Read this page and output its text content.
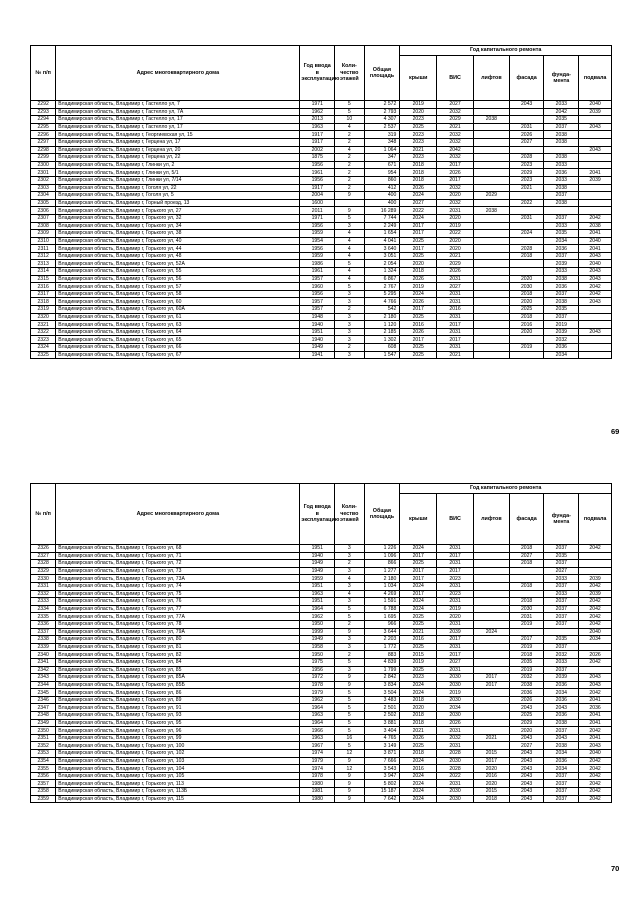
№ п/п	Адрес многоквартирного дома	Год ввода в эксплуатацию	Коли-чество этажей	Общая площадь	Год капитального ремонта					
					крыши	ВИС	лифтов	фасада	фунда-мента	подвала
2292	Владимирская область, Владимир г, Гастелло ул, 7	1971	5	2 572	2019	2027		2043	2033	2040
2293	Владимирская область, Владимир г, Гастелло ул, 7А	1962	5	2 793	2020	2032			2042	2039
2294	Владимирская область, Владимир г, Гастелло ул, 17	2013	10	4 307	2023	2029	2038		2035	
2295	Владимирская область, Владимир г, Гастелло ул, 17	1963	4	2 537	2025	2021		2031	2037	2043
2296	Владимирская область, Владимир г, Георгиевская ул, 15	1917	2	319	2023	2032		2026	2038	
2297	Владимирская область, Владимир г, Герцена ул, 17	1917	2	348	2023	2032		2027	2038	
2298	Владимирская область, Владимир г, Герцена ул, 20	2002	4	1 064	2021	2042				2043
2299	Владимирская область, Владимир г, Герцена ул, 22	1875	2	347	2023	2032		2028	2038	
2300	Владимирская область, Владимир г, Глинки ул, 2	1956	2	671	2018	2017		2023	2033	
2301	Владимирская область, Владимир г, Глинки ул, 5/1	1961	2	954	2018	2026		2029	2036	2041
2302	Владимирская область, Владимир г, Глинки ул, 7/14	1956	2	860	2018	2017		2023	2033	2039
2303	Владимирская область, Владимир г, Гоголя ул, 22	1917	2	412	2026	2032		2021	2038	
2304	Владимирская область, Владимир г, Гоголя ул, 5	2004	9	400	2024	2020	2029		2037	
2305	Владимирская область, Владимир г, Горный проезд, 13	1600		400	2027	2032		2022	2038	
2306	Владимирская область, Владимир г, Горького ул, 27	2011	9	16 289	2022	2031	2038			
2307	Владимирская область, Владимир г, Горького ул, 32	1971	5	7 744	2024	2020		2031	2037	2042
2308	Владимирская область, Владимир г, Горького ул, 34	1956	3	2 249	2017	2019			2033	2038
2309	Владимирская область, Владимир г, Горького ул, 38	1959	4	1 654	2017	2022		2024	2035	2041
2310	Владимирская область, Владимир г, Горького ул, 40	1954	4	4 041	2025	2020			2034	2040
2311	Владимирская область, Владимир г, Горького ул, 44	1956	4	3 640	2017	2020		2028	2036	2041
2312	Владимирская область, Владимир г, Горького ул, 48	1959	4	3 051	2025	2021		2018	2037	2043
2313	Владимирская область, Владимир г, Горького ул, 52А	1986	5	2 054	2020	2029			2039	2040
2314	Владимирская область, Владимир г, Горького ул, 55	1961	4	1 324	2018	2026			2033	2043
2315	Владимирская область, Владимир г, Горького ул, 56	1957	4	6 867	2026	2031		2020	2038	2043
2316	Владимирская область, Владимир г, Горького ул, 57	1960	5	2 767	2019	2027		2030	2036	2042
2317	Владимирская область, Владимир г, Горького ул, 58	1956	3	5 295	2024	2031		2018	2037	2042
2318	Владимирская область, Владимир г, Горького ул, 60	1957	3	4 766	2026	2031		2020	2038	2043
2319	Владимирская область, Владимир г, Горького ул, 60А	1957	2	542	2017	2016		2025	2035	
2320	Владимирская область, Владимир г, Горького ул, 61	1948	3	2 180	2025	2031		2018	2037	
2321	Владимирская область, Владимир г, Горького ул, 63	1940	3	1 120	2016	2017		2016	2019	
2322	Владимирская область, Владимир г, Горького ул, 64	1951	3	2 185	2026	2031		2020	2039	2043
2323	Владимирская область, Владимир г, Горького ул, 65	1940	3	1 302	2017	2017			2032	
2324	Владимирская область, Владимир г, Горького ул, 66	1949	2	608	2025	2031		2019	2036	
2325	Владимирская область, Владимир г, Горького ул, 67	1941	3	1 547	2025	2021			2034	
69
№ п/п	Адрес многоквартирного дома	Год ввода в эксплуатацию	Коли-чество этажей	Общая площадь	Год капитального ремонта					
					крыши	ВИС	лифтов	фасада	фунда-мента	подвала
2326	Владимирская область, Владимир г, Горького ул, 68	1951	3	1 226	2024	2031		2018	2037	2042
2327	Владимирская область, Владимир г, Горького ул, 71	1940	3	1 096	2017	2017		2027	2035	
2328	Владимирская область, Владимир г, Горького ул, 72	1949	2	866	2025	2031		2018	2037	
2329	Владимирская область, Владимир г, Горького ул, 73	1949	3	1 277	2017	2017			2027	
2330	Владимирская область, Владимир г, Горького ул, 73А	1959	4	2 180	2017	2023			2033	2039
2331	Владимирская область, Владимир г, Горького ул, 74	1951	3	1 034	2024	2031		2018	2037	2042
2332	Владимирская область, Владимир г, Горького ул, 75	1963	4	4 269	2017	2023			2033	2039
2333	Владимирская область, Владимир г, Горького ул, 76	1951	3	1 591	2024	2031		2018	2037	2042
2334	Владимирская область, Владимир г, Горького ул, 77	1964	5	6 788	2024	2019		2030	2037	2042
2335	Владимирская область, Владимир г, Горького ул, 77А	1962	5	1 695	2025	2020		2031	2037	2042
2336	Владимирская область, Владимир г, Горького ул, 78	1950	2	966	2025	2031		2019	2037	2042
2337	Владимирская область, Владимир г, Горького ул, 79А	1999	9	3 644	2021	2039	2024			2040
2338	Владимирская область, Владимир г, Горького ул, 80	1949	3	2 203	2016	2017		2017	2035	2034
2339	Владимирская область, Владимир г, Горького ул, 81	1958	3	1 772	2025	2031		2019	2037	
2340	Владимирская область, Владимир г, Горького ул, 82	1950	2	883	2015	2017		2018	2032	2026
2341	Владимирская область, Владимир г, Горького ул, 84	1975	5	4 839	2019	2027		2035	2033	2042
2342	Владимирская область, Владимир г, Горького ул, 85	1956	3	1 799	2025	2031		2019	2037	
2343	Владимирская область, Владимир г, Горького ул, 85А	1972	9	2 842	2023	2030	2017	2032	2039	2043
2344	Владимирская область, Владимир г, Горького ул, 85Б	1978	9	3 834	2024	2030	2017	2038	2036	2043
2345	Владимирская область, Владимир г, Горького ул, 86	1979	5	3 504	2024	2019		2036	2034	2042
2346	Владимирская область, Владимир г, Горького ул, 89	1962	5	3 483	2018	2030		2026	2036	2041
2347	Владимирская область, Владимир г, Горького ул, 91	1964	5	2 501	2020	2034		2043	2043	2036
2348	Владимирская область, Владимир г, Горького ул, 93	1963	5	2 502	2018	2030		2025	2036	2041
2349	Владимирская область, Владимир г, Горького ул, 95	1964	5	3 881	2018	2026		2029	2038	2041
2350	Владимирская область, Владимир г, Горького ул, 96	1966	5	3 404	2021	2031		2020	2037	2042
2351	Владимирская область, Владимир г, Горького ул, 99	1963	16	4 765	2026	2032	2021	2043	2043	2041
2352	Владимирская область, Владимир г, Горького ул, 100	1967	5	3 149	2025	2031		2027	2038	2043
2353	Владимирская область, Владимир г, Горького ул, 102	1974	12	3 871	2018	2028	2015	2043	2034	2040
2354	Владимирская область, Владимир г, Горького ул, 103	1979	9	7 666	2024	2030	2017	2043	2036	2042
2355	Владимирская область, Владимир г, Горького ул, 104	1974	12	3 543	2016	2028	2020	2043	2034	2042
2356	Владимирская область, Владимир г, Горького ул, 105	1978	9	3 947	2024	2022	2016	2043	2037	2042
2357	Владимирская область, Владимир г, Горького ул, 113	1980	9	5 802	2024	2031	2020	2043	2037	2042
2358	Владимирская область, Владимир г, Горького ул, 113Б	1981	9	15 187	2024	2030	2015	2043	2037	2042
2359	Владимирская область, Владимир г, Горького ул, 115	1980	9	7 642	2024	2030	2018	2043	2037	2042
70
